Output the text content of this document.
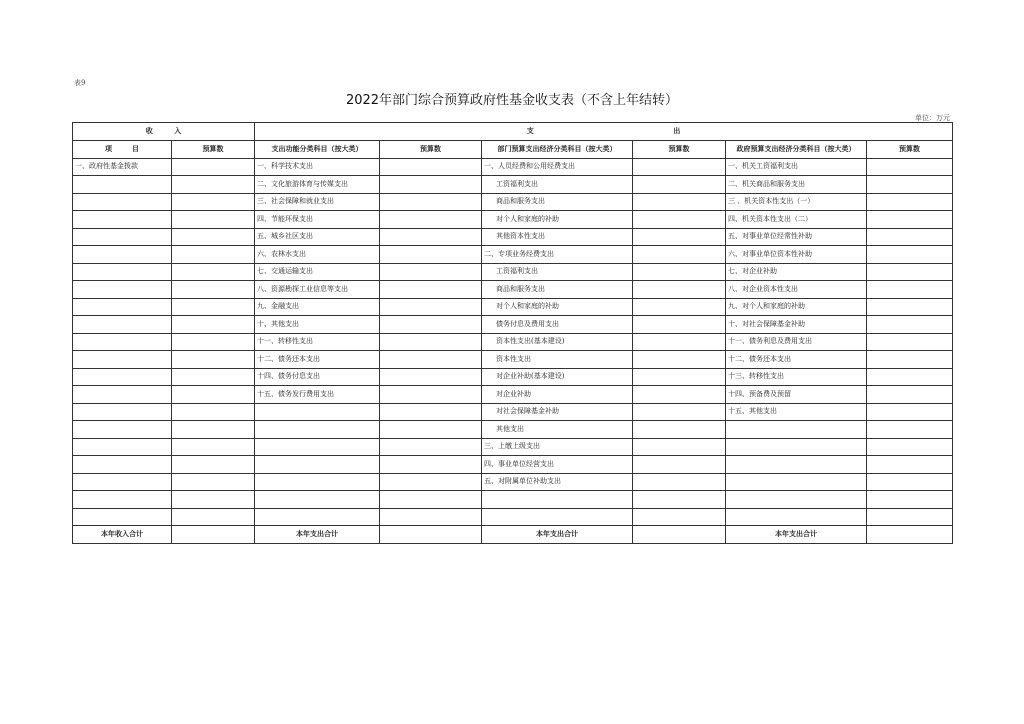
表9
2022年部门综合预算政府性基金收支表（不含上年结转）
单位：万元
收 入		支 出					

项 目	预算数	支出功能分类科目（按大类）	预算数	部门预算支出经济分类科目（按大类）	预算数	政府预算支出经济分类科目（按大类）	预算数
一、政府性基金拨款		一、科学技术支出		一、人员经费和公用经费支出		一、机关工资福利支出	
		二、文化旅游体育与传媒支出		工资福利支出		二、机关商品和服务支出	
		三、社会保障和就业支出		商品和服务支出		三 、机关资本性支出（一）	
		四、节能环保支出		对个人和家庭的补助		四、机关资本性支出（二）	
		五、城乡社区支出		其他资本性支出		五、对事业单位经常性补助	
		六、农林水支出		二、专项业务经费支出		六、对事业单位资本性补助	
		七、交通运输支出		工资福利支出		七、对企业补助	
		八、资源勘探工业信息等支出		商品和服务支出		八、对企业资本性支出	
		九、金融支出		对个人和家庭的补助		九、对个人和家庭的补助	
		十、其他支出		债务付息及费用支出		十、对社会保障基金补助	
		十一、转移性支出		资本性支出(基本建设)		十一、债务利息及费用支出	
		十二、债务还本支出		资本性支出		十二、债务还本支出	
		十四、债务付息支出		对企业补助(基本建设)		十三、转移性支出	
		十五、债务发行费用支出		对企业补助		十四、预备费及预留	
				对社会保障基金补助		十五、其他支出	
				其他支出			
				三、上缴上级支出			
				四、事业单位经营支出			
				五、对附属单位补助支出			

本年收入合计		本年支出合计		本年支出合计		本年支出合计	
